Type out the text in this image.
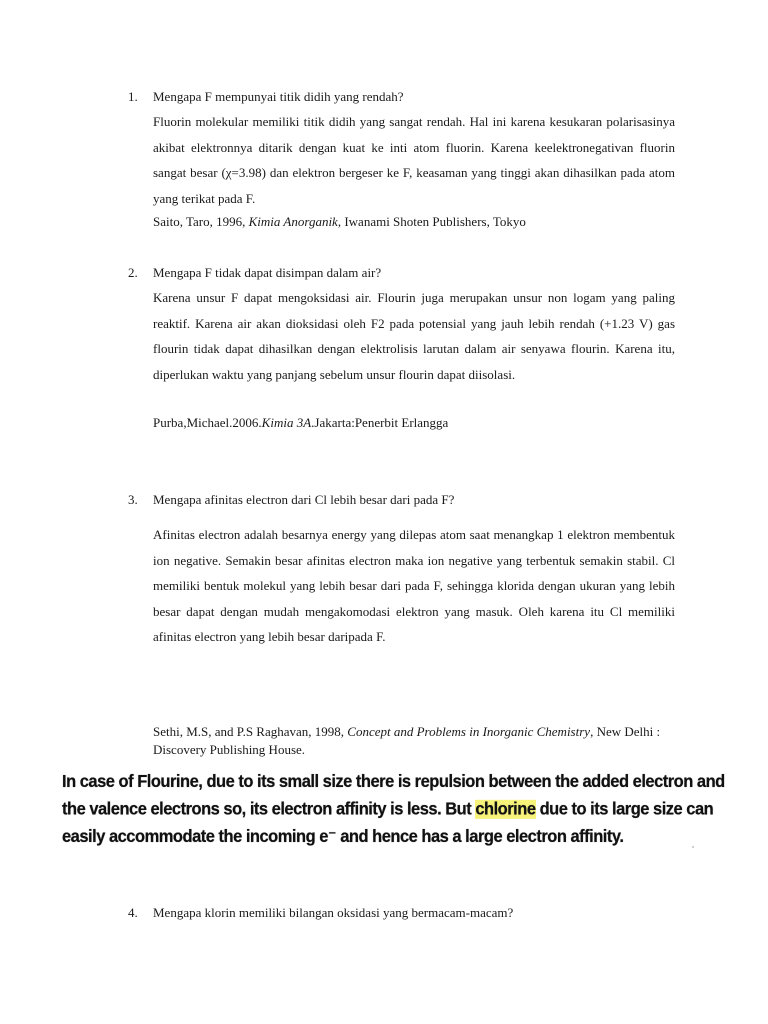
1. Mengapa F mempunyai titik didih yang rendah?
Fluorin molekular memiliki titik didih yang sangat rendah. Hal ini karena kesukaran polarisasinya akibat elektronnya ditarik dengan kuat ke inti atom fluorin. Karena keelektronegativan fluorin sangat besar (χ=3.98) dan elektron bergeser ke F, keasaman yang tinggi akan dihasilkan pada atom yang terikat pada F.
Saito, Taro, 1996, Kimia Anorganik, Iwanami Shoten Publishers, Tokyo
2. Mengapa F tidak dapat disimpan dalam air?
Karena unsur F dapat mengoksidasi air. Flourin juga merupakan unsur non logam yang paling reaktif. Karena air akan dioksidasi oleh F2 pada potensial yang jauh lebih rendah (+1.23 V) gas flourin tidak dapat dihasilkan dengan elektrolisis larutan dalam air senyawa flourin. Karena itu, diperlukan waktu yang panjang sebelum unsur flourin dapat diisolasi.
Purba,Michael.2006.Kimia 3A.Jakarta:Penerbit Erlangga
3. Mengapa afinitas electron dari Cl lebih besar dari pada F?
Afinitas electron adalah besarnya energy yang dilepas atom saat menangkap 1 elektron membentuk ion negative. Semakin besar afinitas electron maka ion negative yang terbentuk semakin stabil. Cl memiliki bentuk molekul yang lebih besar dari pada F, sehingga klorida dengan ukuran yang lebih besar dapat dengan mudah mengakomodasi elektron yang masuk. Oleh karena itu Cl memiliki afinitas electron yang lebih besar daripada F.
Sethi, M.S, and P.S Raghavan, 1998, Concept and Problems in Inorganic Chemistry, New Delhi : Discovery Publishing House.
In case of Flourine, due to its small size there is repulsion between the added electron and the valence electrons so, its electron affinity is less. But chlorine due to its large size can easily accommodate the incoming e⁻ and hence has a large electron affinity.
4. Mengapa klorin memiliki bilangan oksidasi yang bermacam-macam?
